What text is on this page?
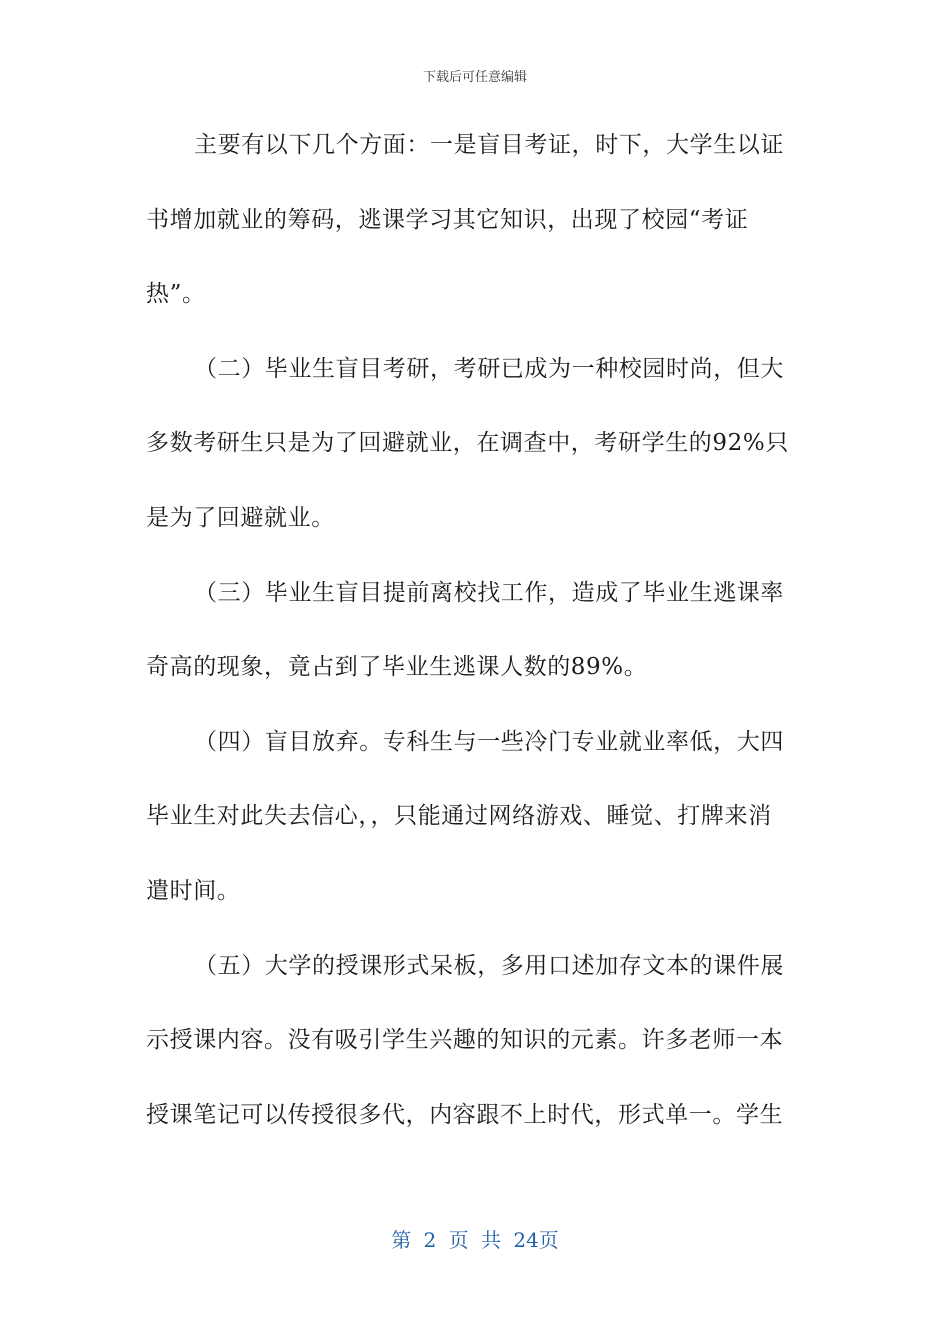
下载后可任意编辑
主要有以下几个方面：一是盲目考证，时下，大学生以证
书增加就业的筹码，逃课学习其它知识，出现了校园“考证
热”。
（二）毕业生盲目考研，考研已成为一种校园时尚，但大
多数考研生只是为了回避就业，在调查中，考研学生的92%只
是为了回避就业。
（三）毕业生盲目提前离校找工作，造成了毕业生逃课率
奇高的现象，竟占到了毕业生逃课人数的89%。
（四）盲目放弃。专科生与一些冷门专业就业率低，大四
毕业生对此失去信心，，只能通过网络游戏、睡觉、打牌来消
遣时间。
（五）大学的授课形式呆板，多用口述加存文本的课件展
示授课内容。没有吸引学生兴趣的知识的元素。许多老师一本
授课笔记可以传授很多代，内容跟不上时代，形式单一。学生
第 2 页 共 24页
